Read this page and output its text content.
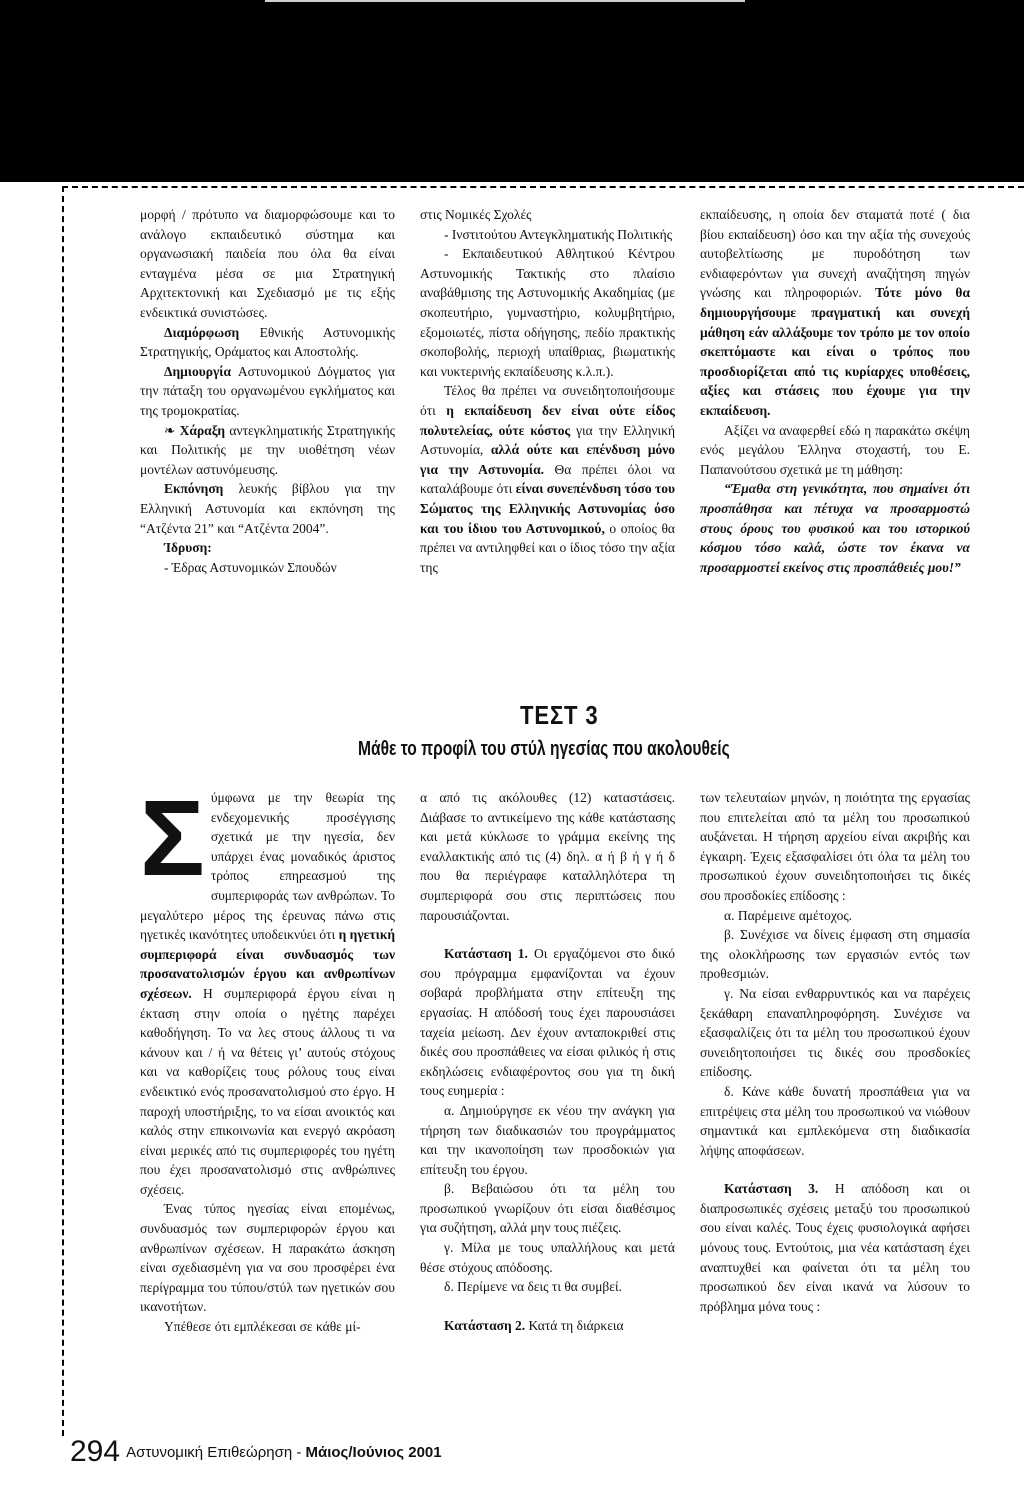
μορφή / πρότυπο να διαμορφώσουμε και το ανάλογο εκπαιδευτικό σύστημα και οργανωσιακή παιδεία που όλα θα είναι ενταγμένα μέσα σε μια Στρατηγική Αρχιτεκτονική και Σχεδιασμό με τις εξής ενδεικτικά συνιστώσες.

Διαμόρφωση Εθνικής Αστυνομικής Στρατηγικής, Οράματος και Αποστολής.

Δημιουργία Αστυνομικού Δόγματος για την πάταξη του οργανωμένου εγκλήματος και της τρομοκρατίας.

❧ Χάραξη αντεγκληματικής Στρατηγικής και Πολιτικής με την υιοθέτηση νέων μοντέλων αστυνόμευσης.

Εκπόνηση λευκής βίβλου για την Ελληνική Αστυνομία και εκπόνηση της “Ατζέντα 21” και “Ατζέντα 2004”.

Ίδρυση:

- Έδρας Αστυνομικών Σπουδών

στις Νομικές Σχολές

- Ινστιτούτου Αντεγκληματικής Πολιτικής

- Εκπαιδευτικού Αθλητικού Κέντρου Αστυνομικής Τακτικής στο πλαίσιο αναβάθμισης της Αστυνομικής Ακαδημίας (με σκοπευτήριο, γυμναστήριο, κολυμβητήριο, εξομοιωτές, πίστα οδήγησης, πεδίο πρακτικής σκοποβολής, περιοχή υπαίθριας, βιωματικής και νυκτερινής εκπαίδευσης κ.λ.π.).

Τέλος θα πρέπει να συνειδητοποιήσουμε ότι η εκπαίδευση δεν είναι ούτε είδος πολυτελείας, ούτε κόστος για την Ελληνική Αστυνομία, αλλά ούτε και επένδυση μόνο για την Αστυνομία. Θα πρέπει όλοι να καταλάβουμε ότι είναι συνεπένδυση τόσο του Σώματος της Ελληνικής Αστυνομίας όσο και του ίδιου του Αστυνομικού, ο οποίος θα πρέπει να αντιληφθεί και ο ίδιος τόσο την αξία της

εκπαίδευσης, η οποία δεν σταματά ποτέ ( δια βίου εκπαίδευση) όσο και την αξία τής συνεχούς αυτοβελτίωσης με πυροδότηση των ενδιαφερόντων για συνεχή αναζήτηση πηγών γνώσης και πληροφοριών. Τότε μόνο θα δημιουργήσουμε πραγματική και συνεχή μάθηση εάν αλλάξουμε τον τρόπο με τον οποίο σκεπτόμαστε και είναι ο τρόπος που προσδιορίζεται από τις κυρίαρχες υποθέσεις, αξίες και στάσεις που έχουμε για την εκπαίδευση.

Αξίζει να αναφερθεί εδώ η παρακάτω σκέψη ενός μεγάλου Έλληνα στοχαστή, του Ε. Παπανούτσου σχετικά με τη μάθηση:

“Έμαθα στη γενικότητα, που σημαίνει ότι προσπάθησα και πέτυχα να προσαρμοστώ στους όρους του φυσικού και του ιστορικού κόσμου τόσο καλά, ώστε τον έκανα να προσαρμοστεί εκείνος στις προσπάθειές μου!”

ΤΕΣΤ 3
Μάθε το προφίλ του στύλ ηγεσίας που ακολουθείς

Σύμφωνα με την θεωρία της ενδεχομενικής προσέγγισης σχετικά με την ηγεσία, δεν υπάρχει ένας μοναδικός άριστος τρόπος επηρεασμού της συμπεριφοράς των ανθρώπων. Το μεγαλύτερο μέρος της έρευνας πάνω στις ηγετικές ικανότητες υποδεικνύει ότι η ηγετική συμπεριφορά είναι συνδυασμός των προσανατολισμών έργου και ανθρωπίνων σχέσεων. Η συμπεριφορά έργου είναι η έκταση στην οποία ο ηγέτης παρέχει καθοδήγηση. Το να λες στους άλλους τι να κάνουν και / ή να θέτεις γι’ αυτούς στόχους και να καθορίζεις τους ρόλους τους είναι ενδεικτικό ενός προσανατολισμού στο έργο. Η παροχή υποστήριξης, το να είσαι ανοικτός και καλός στην επικοινωνία και ενεργό ακρόαση είναι μερικές από τις συμπεριφορές του ηγέτη που έχει προσανατολισμό στις ανθρώπινες σχέσεις.

Ένας τύπος ηγεσίας είναι επομένως, συνδυασμός των συμπεριφορών έργου και ανθρωπίνων σχέσεων. Η παρακάτω άσκηση είναι σχεδιασμένη για να σου προσφέρει ένα περίγραμμα του τύπου/στύλ των ηγετικών σου ικανοτήτων.

Υπέθεσε ότι εμπλέκεσαι σε κάθε μί-

α από τις ακόλουθες (12) καταστάσεις. Διάβασε το αντικείμενο της κάθε κατάστασης και μετά κύκλωσε το γράμμα εκείνης της εναλλακτικής από τις (4) δηλ. α ή β ή γ ή δ που θα περιέγραφε καταλληλότερα τη συμπεριφορά σου στις περιπτώσεις που παρουσιάζονται.

Κατάσταση 1. Οι εργαζόμενοι στο δικό σου πρόγραμμα εμφανίζονται να έχουν σοβαρά προβλήματα στην επίτευξη της εργασίας. Η απόδοσή τους έχει παρουσιάσει ταχεία μείωση. Δεν έχουν ανταποκριθεί στις δικές σου προσπάθειες να είσαι φιλικός ή στις εκδηλώσεις ενδιαφέροντος σου για τη δική τους ευημερία :

α. Δημιούργησε εκ νέου την ανάγκη για τήρηση των διαδικασιών του προγράμματος και την ικανοποίηση των προσδοκιών για επίτευξη του έργου.

β. Βεβαιώσου ότι τα μέλη του προσωπικού γνωρίζουν ότι είσαι διαθέσιμος για συζήτηση, αλλά μην τους πιέζεις.

γ. Μίλα με τους υπαλλήλους και μετά θέσε στόχους απόδοσης.

δ. Περίμενε να δεις τι θα συμβεί.

Κατάσταση 2. Κατά τη διάρκεια

των τελευταίων μηνών, η ποιότητα της εργασίας που επιτελείται από τα μέλη του προσωπικού αυξάνεται. Η τήρηση αρχείου είναι ακριβής και έγκαιρη. Έχεις εξασφαλίσει ότι όλα τα μέλη του προσωπικού έχουν συνειδητοποιήσει τις δικές σου προσδοκίες επίδοσης :

α. Παρέμεινε αμέτοχος.

β. Συνέχισε να δίνεις έμφαση στη σημασία της ολοκλήρωσης των εργασιών εντός των προθεσμιών.

γ. Να είσαι ενθαρρυντικός και να παρέχεις ξεκάθαρη επαναπληροφόρηση. Συνέχισε να εξασφαλίζεις ότι τα μέλη του προσωπικού έχουν συνειδητοποιήσει τις δικές σου προσδοκίες επίδοσης.

δ. Κάνε κάθε δυνατή προσπάθεια για να επιτρέψεις στα μέλη του προσωπικού να νιώθουν σημαντικά και εμπλεκόμενα στη διαδικασία λήψης αποφάσεων.

Κατάσταση 3. Η απόδοση και οι διαπροσωπικές σχέσεις μεταξύ του προσωπικού σου είναι καλές. Τους έχεις φυσιολογικά αφήσει μόνους τους. Εντούτοις, μια νέα κατάσταση έχει αναπτυχθεί και φαίνεται ότι τα μέλη του προσωπικού δεν είναι ικανά να λύσουν το πρόβλημα μόνα τους :

294 Αστυνομική Επιθεώρηση - Μάιος/Ιούνιος 2001
